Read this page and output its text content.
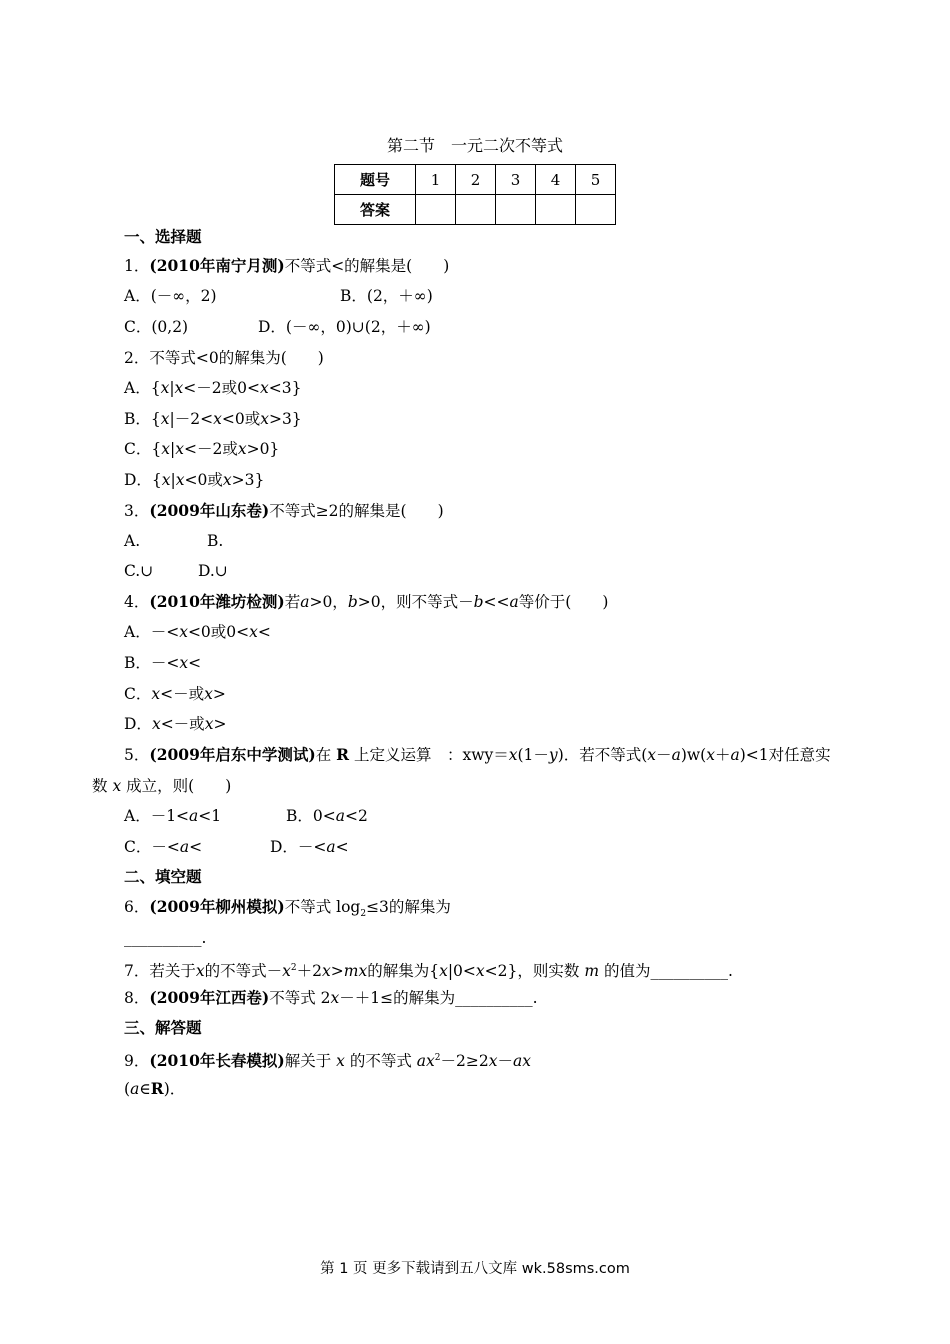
第二节　一元二次不等式
题号	1	2	3	4	5
答案					
一、选择题
1．(2010年南宁月测)不等式<的解集是(　　)
A．(－∞，2)	B．(2，＋∞)
C．(0,2)	D．(－∞，0)∪(2，＋∞)
2．不等式<0的解集为(　　)
A．{x|x<－2或0<x<3}
B．{x|－2<x<0或x>3}
C．{x|x<－2或x>0}
D．{x|x<0或x>3}
3．(2009年山东卷)不等式≥2的解集是(　　)
A.	B.
C.∪	D.∪
4．(2010年潍坊检测)若a>0，b>0，则不等式－b<<a等价于(　　)
A．－<x<0或0<x<
B．－<x<
C．x<－或x>
D．x<－或x>
5．(2009年启东中学测试)在 R 上定义运算　：xwy＝x(1－y)．若不等式(x－a)w(x＋a)<1对任意实
数 x 成立，则(　　)
A．－1<a<1	B．0<a<2
C．－<a<	D．－<a<
二、填空题
6．(2009年柳州模拟)不等式 $\log_2\le 3$的解集为
__________.
7．若关于x的不等式$-x^2+2x>mx$的解集为{x|0<x<2}，则实数 m 的值为__________.
8．(2009年江西卷)不等式 2x－＋1≤的解集为__________.
三、解答题
9．(2010年长春模拟)解关于 x 的不等式 $ax^2-2\ge 2x-ax$
(a∈R)．
第 1 页 更多下载请到五八文库 wk.58sms.com
